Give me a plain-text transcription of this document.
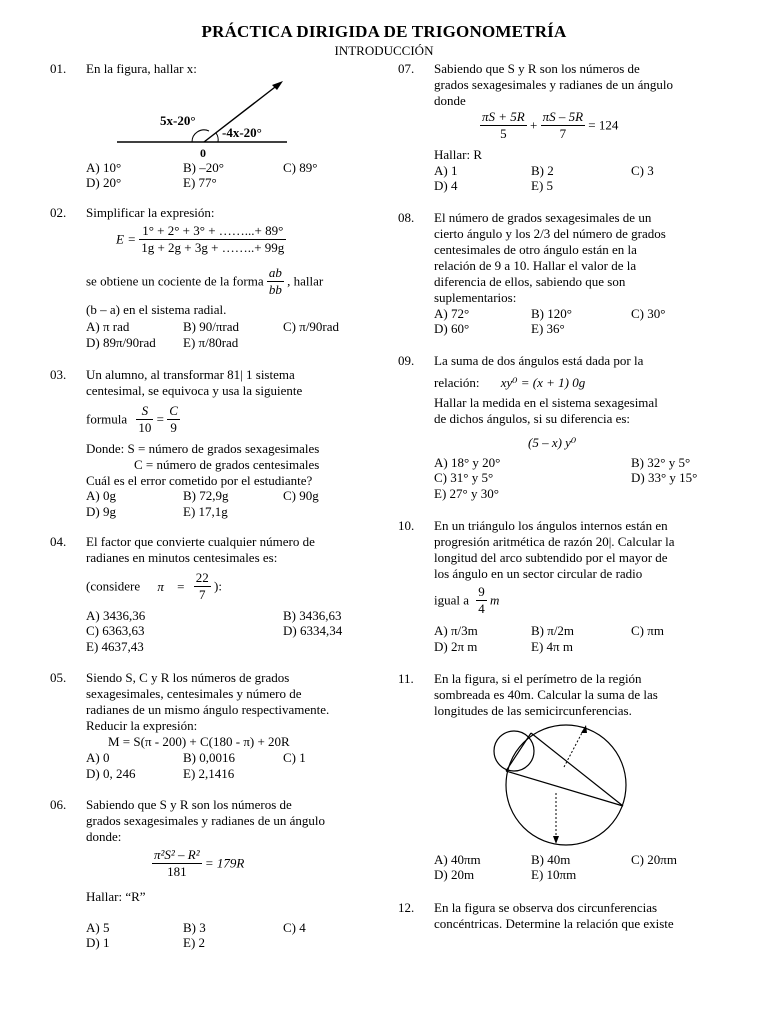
PRÁCTICA DIRIGIDA DE TRIGONOMETRÍA
INTRODUCCIÓN
01. En la figura, hallar x:
5x-20°
-4x-20°
0
A) 10°	B) –20°	C) 89°
D) 20°	E) 77°
02. Simplificar la expresión:
$E = \frac{1^\circ + 2^\circ + 3^\circ + \dots\dots...+ 89^\circ}{1g + 2g + 3g + \dots\dots..+ 99g}$
se obtiene un cociente de la forma $\frac{ab}{bb}$ , hallar
(b – a) en el sistema radial.
A) π rad	B) 90/πrad	C) π/90rad
D) 89π/90rad E) π/80rad
03. Un alumno, al transformar 81| 1 sistema
centesimal, se equivoca y usa la siguiente
formula $\frac{S}{10} = \frac{C}{9}$
Donde: S = número de grados sexagesimales
C = número de grados centesimales
Cuál es el error cometido por el estudiante?
A) 0g	B) 72,9g	C) 90g
D) 9g	E) 17,1g
04. El factor que convierte cualquier número de
radianes en minutos centesimales es:
(considere $\pi = \frac{22}{7}$ ):
A) 3436,36	B) 3436,63
C) 6363,63	D) 6334,34
E) 4637,43
05. Siendo S, C y R los números de grados
sexagesimales, centesimales y número de
radianes de un mismo ángulo respectivamente.
Reducir la expresión:
M = S(π - 200) + C(180 - π) + 20R
A) 0	B) 0,0016	C) 1
D) 0, 246	E) 2,1416
06. Sabiendo que S y R son los números de
grados sexagesimales y radianes de un ángulo
donde:
$\frac{\text{π²S² – R²}}{181} = 179R$
Hallar: “R”
A) 5	B) 3	C) 4
D) 1	E) 2
07. Sabiendo que S y R son los números de
grados sexagesimales y radianes de un ángulo
donde
$\frac{\pi S + 5R}{5} + \frac{\pi S - 5R}{7} = 124$
Hallar: R
A) 1	B) 2	C) 3
D) 4	E) 5
08. El número de grados sexagesimales de un
cierto ángulo y los 2/3 del número de grados
centesimales de otro ángulo están en la
relación de 9 a 10. Hallar el valor de la
diferencia de ellos, sabiendo que son
suplementarios:
A) 72°	B) 120°	C) 30°
D) 60°	E) 36°
09. La suma de dos ángulos está dada por la
relación: xy⁰ = (x + 1) 0g
Hallar la medida en el sistema sexagesimal
de dichos ángulos, si su diferencia es:
(5 – x) y⁰
A) 18° y 20°	B) 32° y 5°
C) 31° y 5°	D) 33° y 15°
E) 27° y 30°
10. En un triángulo los ángulos internos están en
progresión aritmética de razón 20|. Calcular la
longitud del arco subtendido por el mayor de
los ángulo en un sector circular de radio
igual a $\frac{9}{4}$ m
A) π/3m	B) π/2m	C) πm
D) 2π m	E) 4π m
11. En la figura, si el perímetro de la región
sombreada es 40m. Calcular la suma de las
longitudes de las semicircunferencias.
A) 40πm	B) 40m	C) 20πm
D) 20m	E) 10πm
12. En la figura se observa dos circunferencias
concéntricas. Determine la relación que existe
